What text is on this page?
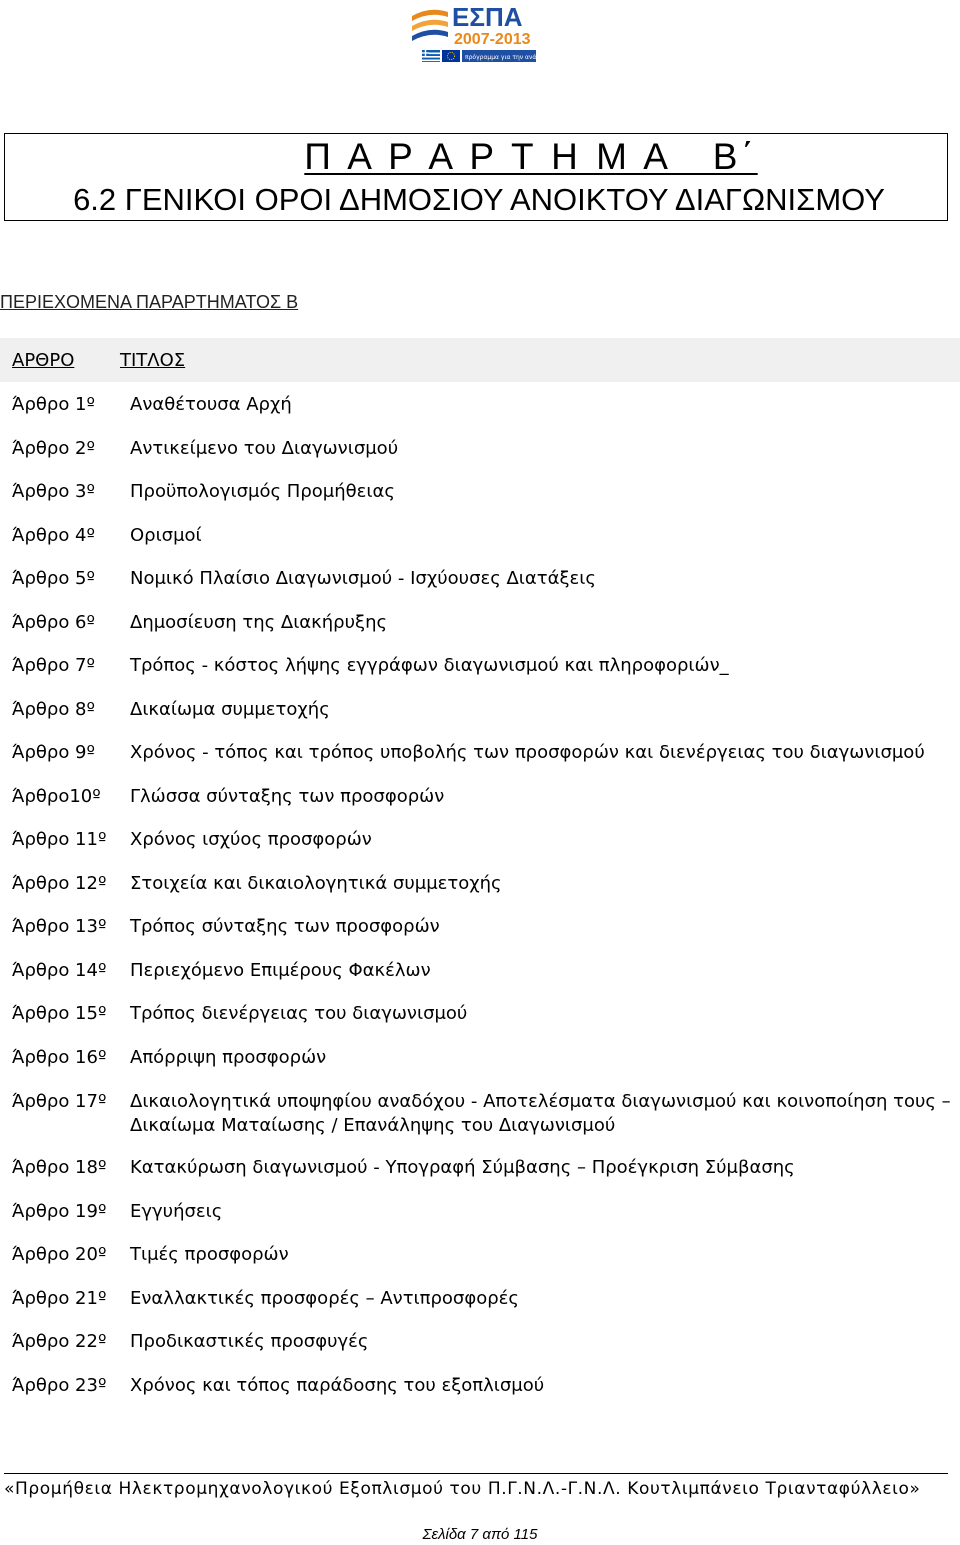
ΕΣΠΑ
2007-2013
πρόγραμμα για την ανάπτυξη
Π Α Ρ Α Ρ Τ Η Μ Α   Β΄
6.2 ΓΕΝΙΚΟΙ ΟΡΟΙ ΔΗΜΟΣΙΟΥ ΑΝΟΙΚΤΟΥ ΔΙΑΓΩΝΙΣΜΟΥ
ΠΕΡΙΕΧΟΜΕΝΑ ΠΑΡΑΡΤΗΜΑΤΟΣ Β
ΑΡΘΡΟ	ΤΙΤΛΟΣ
Άρθρο 1º Αναθέτουσα Αρχή
Άρθρο 2º Αντικείμενο του Διαγωνισμού
Άρθρο 3º Προϋπολογισμός Προμήθειας
Άρθρο 4º Ορισμοί
Άρθρο 5º Νομικό Πλαίσιο Διαγωνισμού - Ισχύουσες Διατάξεις
Άρθρο 6º Δημοσίευση της Διακήρυξης
Άρθρο 7º Τρόπος - κόστος λήψης εγγράφων διαγωνισμού και πληροφοριών_
Άρθρο 8º Δικαίωμα συμμετοχής
Άρθρο 9º Χρόνος - τόπος και τρόπος υποβολής των προσφορών και διενέργειας του διαγωνισμού
Άρθρο10º Γλώσσα σύνταξης των προσφορών
Άρθρο 11º Χρόνος ισχύος προσφορών
Άρθρο 12º Στοιχεία και δικαιολογητικά συμμετοχής
Άρθρο 13º Τρόπος σύνταξης των προσφορών
Άρθρο 14º Περιεχόμενο Επιμέρους Φακέλων
Άρθρο 15º Τρόπος διενέργειας του διαγωνισμού
Άρθρο 16º Απόρριψη προσφορών
Άρθρο 17º Δικαιολογητικά υποψηφίου αναδόχου - Αποτελέσματα διαγωνισμού και κοινοποίηση τους – Δικαίωμα Ματαίωσης / Επανάληψης του Διαγωνισμού
Άρθρο 18º Κατακύρωση διαγωνισμού - Υπογραφή Σύμβασης – Προέγκριση Σύμβασης
Άρθρο 19º Εγγυήσεις
Άρθρο 20º Τιμές προσφορών
Άρθρο 21º Εναλλακτικές προσφορές – Αντιπροσφορές
Άρθρο 22º Προδικαστικές προσφυγές
Άρθρο 23º Χρόνος και τόπος παράδοσης του εξοπλισμού
«Προμήθεια Ηλεκτρομηχανολογικού Εξοπλισμού του Π.Γ.Ν.Λ.-Γ.Ν.Λ. Κουτλιμπάνειο Τριανταφύλλειο»
Σελίδα 7 από 115
